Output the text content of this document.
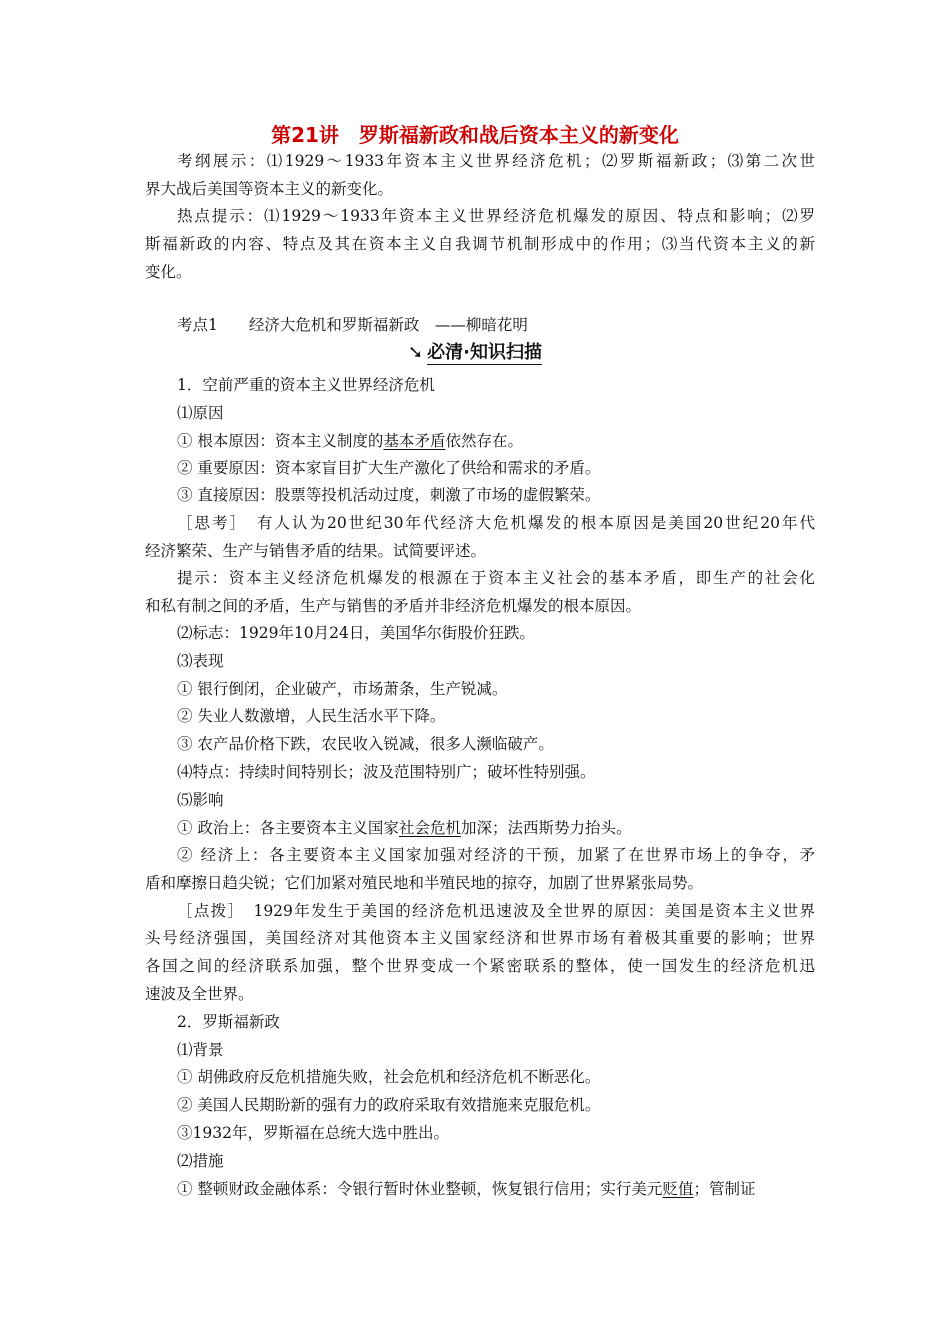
第21讲　罗斯福新政和战后资本主义的新变化
考纲展示：⑴1929～1933年资本主义世界经济危机；⑵罗斯福新政；⑶第二次世
界大战后美国等资本主义的新变化。
热点提示：⑴1929～1933年资本主义世界经济危机爆发的原因、特点和影响；⑵罗
斯福新政的内容、特点及其在资本主义自我调节机制形成中的作用；⑶当代资本主义的新
变化。
考点1　　经济大危机和罗斯福新政　——柳暗花明
➘ 必清·知识扫描
1．空前严重的资本主义世界经济危机
⑴原因
① 根本原因：资本主义制度的基本矛盾依然存在。
② 重要原因：资本家盲目扩大生产激化了供给和需求的矛盾。
③ 直接原因：股票等投机活动过度，刺激了市场的虚假繁荣。
［思考］　有人认为20世纪30年代经济大危机爆发的根本原因是美国20世纪20年代
经济繁荣、生产与销售矛盾的结果。试简要评述。
提示：资本主义经济危机爆发的根源在于资本主义社会的基本矛盾，即生产的社会化
和私有制之间的矛盾，生产与销售的矛盾并非经济危机爆发的根本原因。
⑵标志：1929年10月24日，美国华尔街股价狂跌。
⑶表现
① 银行倒闭，企业破产，市场萧条，生产锐减。
② 失业人数激增，人民生活水平下降。
③ 农产品价格下跌，农民收入锐减，很多人濒临破产。
⑷特点：持续时间特别长；波及范围特别广；破坏性特别强。
⑸影响
① 政治上：各主要资本主义国家社会危机加深；法西斯势力抬头。
② 经济上：各主要资本主义国家加强对经济的干预，加紧了在世界市场上的争夺，矛
盾和摩擦日趋尖锐；它们加紧对殖民地和半殖民地的掠夺，加剧了世界紧张局势。
［点拨］　1929年发生于美国的经济危机迅速波及全世界的原因：美国是资本主义世界
头号经济强国，美国经济对其他资本主义国家经济和世界市场有着极其重要的影响；世界
各国之间的经济联系加强，整个世界变成一个紧密联系的整体，使一国发生的经济危机迅
速波及全世界。
2．罗斯福新政
⑴背景
① 胡佛政府反危机措施失败，社会危机和经济危机不断恶化。
② 美国人民期盼新的强有力的政府采取有效措施来克服危机。
③1932年，罗斯福在总统大选中胜出。
⑵措施
① 整顿财政金融体系：令银行暂时休业整顿，恢复银行信用；实行美元贬值；管制证
